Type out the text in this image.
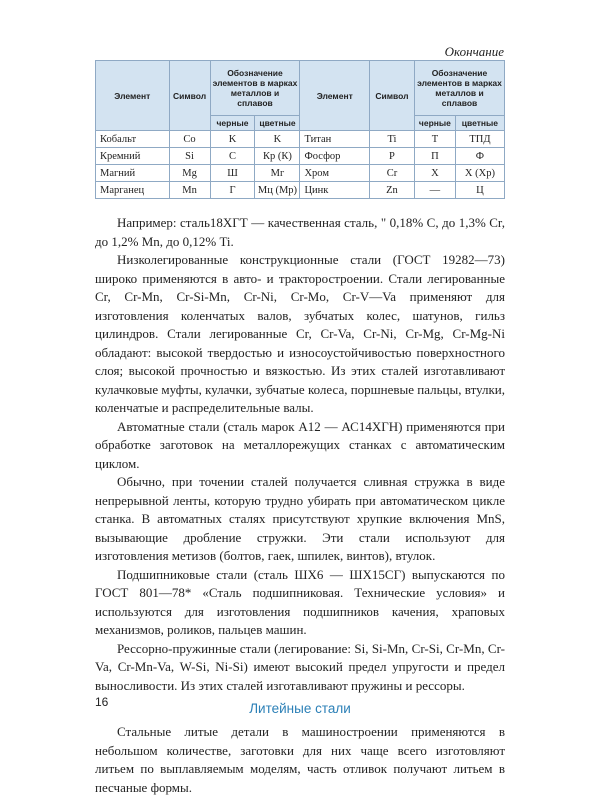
Окончание

Элемент	Символ	Обозначение элементов в марках металлов и сплавов		Элемент	Символ	Обозначение элементов в марках металлов и сплавов	
		черные	цветные			черные	цветные
Кобальт	Co	K	K	Титан	Ti	T	ТПД
Кремний	Si	C	Кр (К)	Фосфор	P	П	Ф
Магний	Mg	Ш	Мг	Хром	Cr	X	X (Хр)
Марганец	Mn	Г	Мц (Мр)	Цинк	Zn	—	Ц

Например: сталь18ХГТ — качественная сталь, " 0,18% С, до 1,3% Cr, до 1,2% Mn, до 0,12% Ti.

Низколегированные конструкционные стали (ГОСТ 19282—73) широко применяются в авто- и тракторостроении. Стали легированные Cr, Cr-Mn, Cr-Si-Mn, Cr-Ni, Cr-Mo, Cr-V—Va применяют для изготовления коленчатых валов, зубчатых колес, шатунов, гильз цилиндров. Стали легированные Cr, Cr-Va, Cr-Ni, Cr-Mg, Cr-Mg-Ni обладают: высокой твердостью и износоустойчивостью поверхностного слоя; высокой прочностью и вязкостью. Из этих сталей изготавливают кулачковые муфты, кулачки, зубчатые колеса, поршневые пальцы, втулки, коленчатые и распределительные валы.

Автоматные стали (сталь марок А12 — АС14ХГН) применяются при обработке заготовок на металлорежущих станках с автоматическим циклом.

Обычно, при точении сталей получается сливная стружка в виде непрерывной ленты, которую трудно убирать при автоматическом цикле станка. В автоматных сталях присутствуют хрупкие включения MnS, вызывающие дробление стружки. Эти стали используют для изготовления метизов (болтов, гаек, шпилек, винтов), втулок.

Подшипниковые стали (сталь ШХ6 — ШХ15СГ) выпускаются по ГОСТ 801—78* «Сталь подшипниковая. Технические условия» и используются для изготовления подшипников качения, храповых механизмов, роликов, пальцев машин.

Рессорно-пружинные стали (легирование: Si, Si-Mn, Cr-Si, Cr-Mn, Cr-Va, Cr-Mn-Va, W-Si, Ni-Si) имеют высокий предел упругости и предел выносливости. Из этих сталей изготавливают пружины и рессоры.

Литейные стали

Стальные литые детали в машиностроении применяются в небольшом количестве, заготовки для них чаще всего изготовляют литьем по выплавляемым моделям, часть отливок получают литьем в песчаные формы.

16
